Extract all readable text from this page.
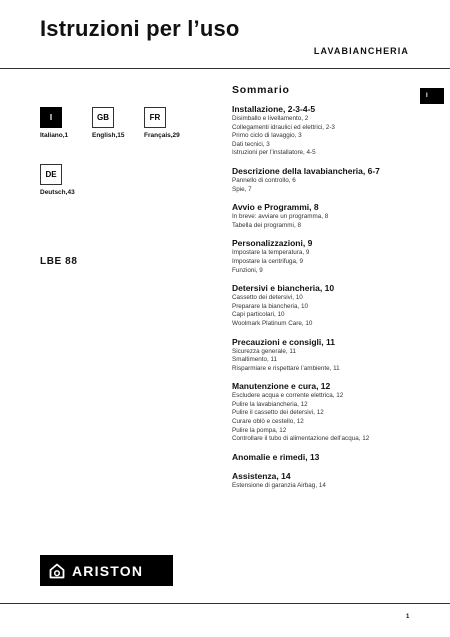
Istruzioni per l’uso
LAVABIANCHERIA
I
I
Italiano,1
GB
English,15
FR
Français,29
DE
Deutsch,43
LBE 88
Sommario

Installazione, 2-3-4-5

Disimballo e livellamento, 2

Collegamenti idraulici ed elettrici, 2-3

Primo ciclo di lavaggio, 3

Dati tecnici, 3

Istruzioni per l’installatore, 4-5

Descrizione della lavabiancheria, 6-7

Pannello di controllo, 6

Spie, 7

Avvio e Programmi, 8

In breve: avviare un programma, 8

Tabella dei programmi, 8

Personalizzazioni, 9

Impostare la temperatura, 9

Impostare la centrifuga, 9

Funzioni, 9

Detersivi e biancheria, 10

Cassetto dei detersivi, 10

Preparare la biancheria, 10

Capi particolari, 10

Woolmark Platinum Care, 10

Precauzioni e consigli, 11

Sicurezza generale, 11

Smaltimento, 11

Risparmiare e rispettare l’ambiente, 11

Manutenzione e cura, 12

Escludere acqua e corrente elettrica, 12

Pulire la lavabiancheria, 12

Pulire il cassetto dei detersivi, 12

Curare oblò e cestello, 12

Pulire la pompa, 12

Controllare il tubo di alimentazione dell’acqua, 12

Anomalie e rimedi, 13

Assistenza, 14

Estensione di garanzia Airbag, 14

ARISTON
1
